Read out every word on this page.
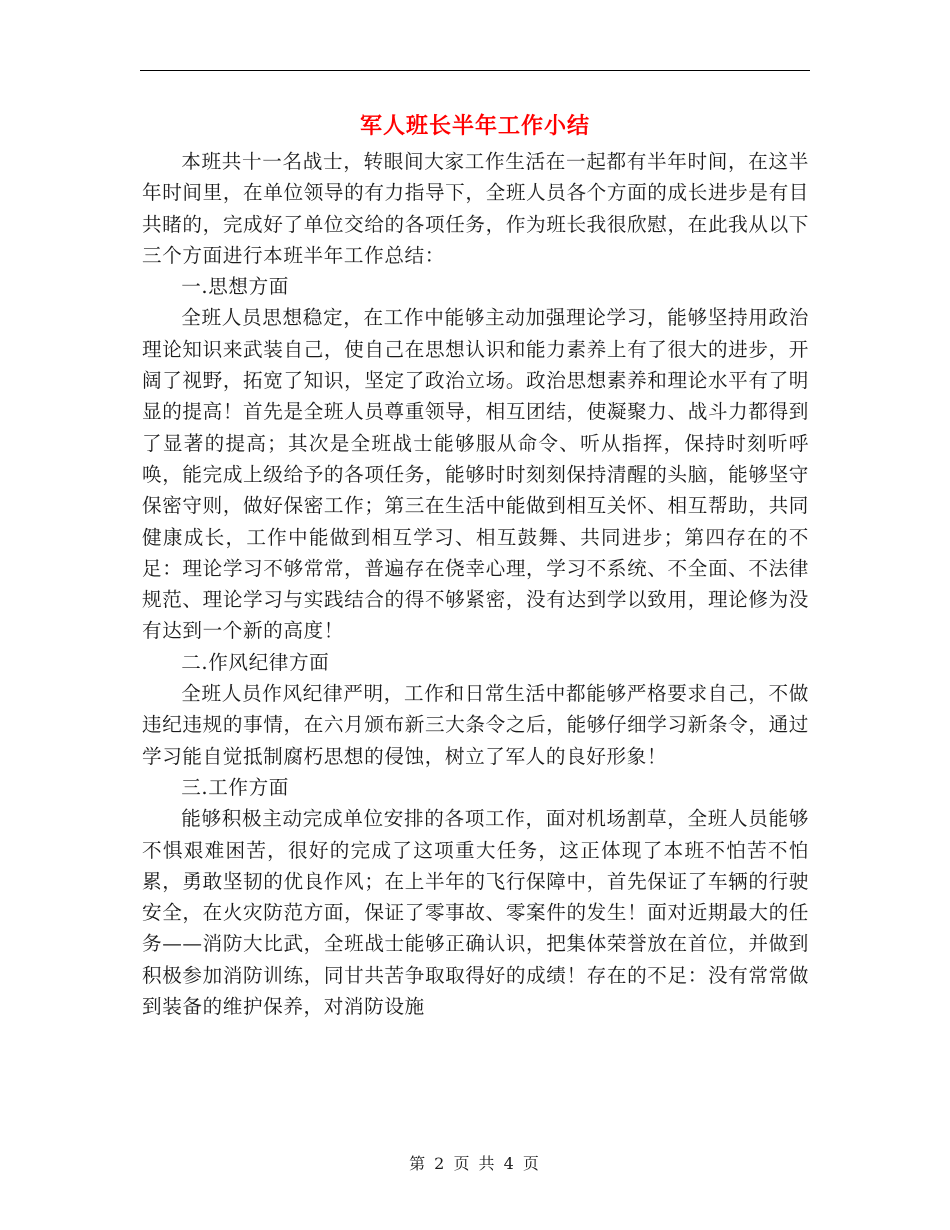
军人班长半年工作小结

本班共十一名战士，转眼间大家工作生活在一起都有半年时间，在这半年时间里，在单位领导的有力指导下，全班人员各个方面的成长进步是有目共睹的，完成好了单位交给的各项任务，作为班长我很欣慰，在此我从以下三个方面进行本班半年工作总结：

一.思想方面

全班人员思想稳定，在工作中能够主动加强理论学习，能够坚持用政治理论知识来武装自己，使自己在思想认识和能力素养上有了很大的进步，开阔了视野，拓宽了知识，坚定了政治立场。政治思想素养和理论水平有了明显的提高！首先是全班人员尊重领导，相互团结，使凝聚力、战斗力都得到了显著的提高；其次是全班战士能够服从命令、听从指挥，保持时刻听呼唤，能完成上级给予的各项任务，能够时时刻刻保持清醒的头脑，能够坚守保密守则，做好保密工作；第三在生活中能做到相互关怀、相互帮助，共同健康成长，工作中能做到相互学习、相互鼓舞、共同进步；第四存在的不足：理论学习不够常常，普遍存在侥幸心理，学习不系统、不全面、不法律规范、理论学习与实践结合的得不够紧密，没有达到学以致用，理论修为没有达到一个新的高度！

二.作风纪律方面

全班人员作风纪律严明，工作和日常生活中都能够严格要求自己，不做违纪违规的事情，在六月颁布新三大条令之后，能够仔细学习新条令，通过学习能自觉抵制腐朽思想的侵蚀，树立了军人的良好形象！

三.工作方面

能够积极主动完成单位安排的各项工作，面对机场割草，全班人员能够不惧艰难困苦，很好的完成了这项重大任务，这正体现了本班不怕苦不怕累，勇敢坚韧的优良作风；在上半年的飞行保障中，首先保证了车辆的行驶安全，在火灾防范方面，保证了零事故、零案件的发生！面对近期最大的任务——消防大比武，全班战士能够正确认识，把集体荣誉放在首位，并做到积极参加消防训练，同甘共苦争取取得好的成绩！存在的不足：没有常常做到装备的维护保养，对消防设施

第 2 页 共 4 页
